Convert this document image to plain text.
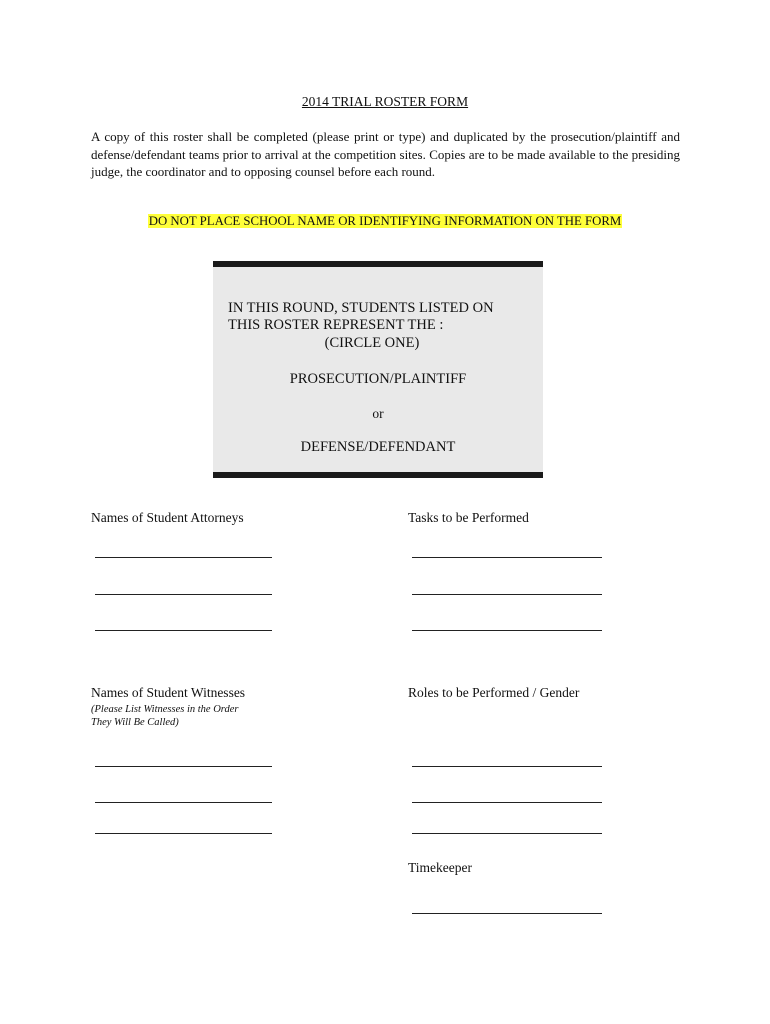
2014 TRIAL ROSTER FORM
A copy of this roster shall be completed (please print or type) and duplicated by the prosecution/plaintiff and defense/defendant teams prior to arrival at the competition sites. Copies are to be made available to the presiding judge, the coordinator and to opposing counsel before each round.
DO NOT PLACE SCHOOL NAME OR IDENTIFYING INFORMATION ON THE FORM
IN THIS ROUND, STUDENTS LISTED ON
THIS ROSTER REPRESENT THE :
(CIRCLE ONE)
PROSECUTION/PLAINTIFF
or
DEFENSE/DEFENDANT
Names of Student Attorneys	Tasks to be Performed
Names of Student Witnesses
(Please List Witnesses in the Order
They Will Be Called)
Roles to be Performed / Gender
Timekeeper
